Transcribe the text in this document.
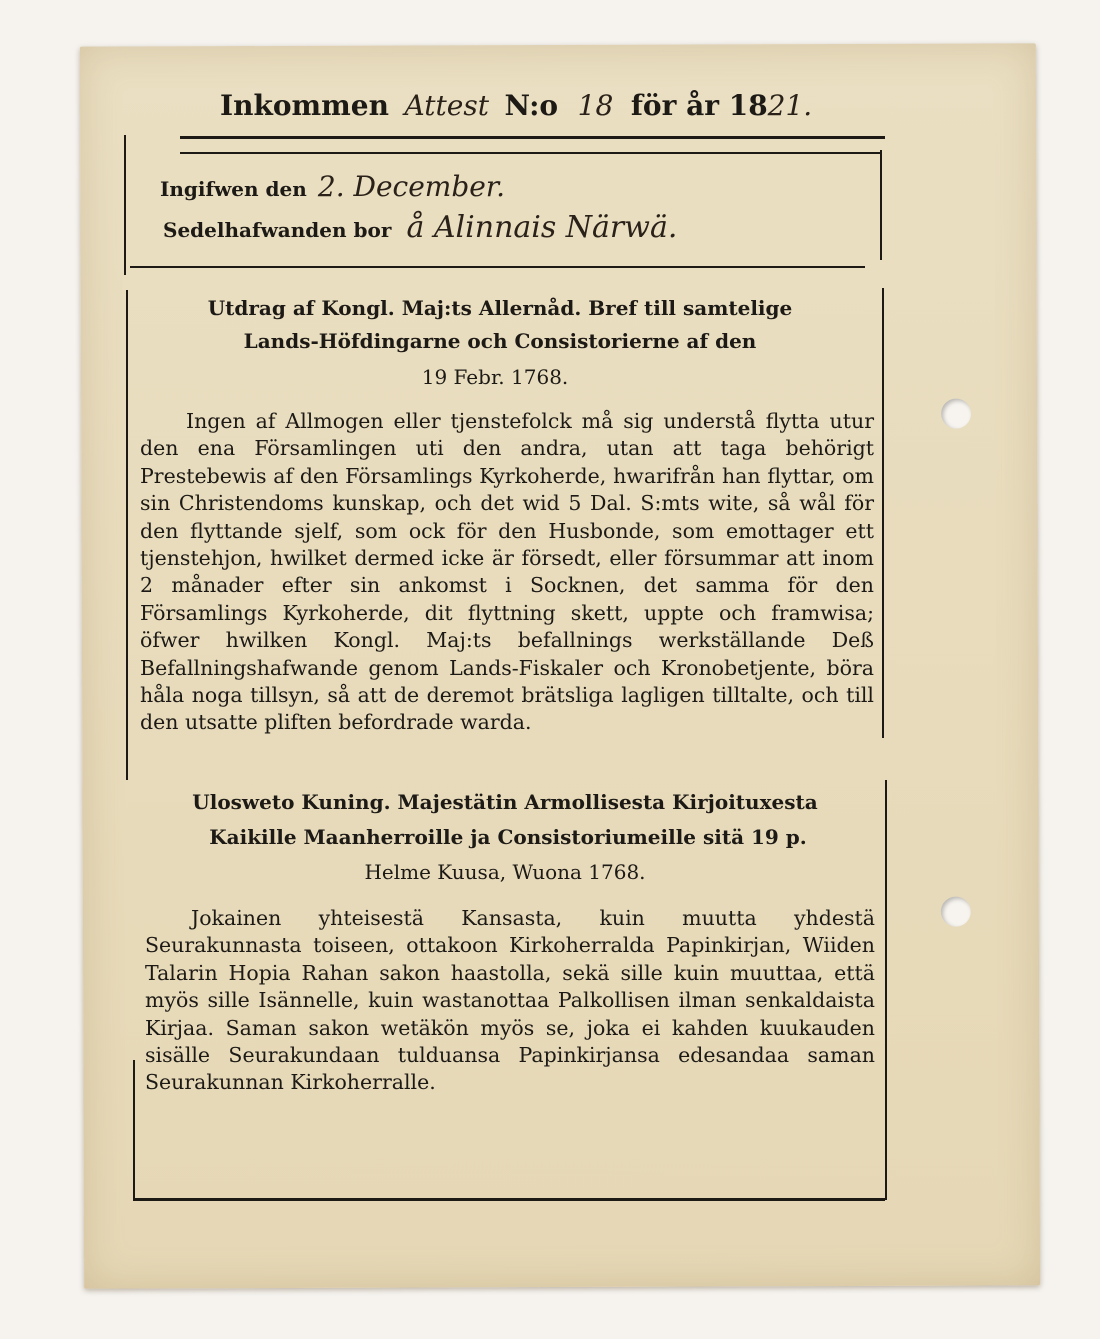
Inkommen Attest N:o 18 för år 1821.
Ingifwen den 2. December.
Sedelhafwanden bor å Alinnais Närwä.
Utdrag af Kongl. Maj:ts Allernåd. Bref till samtelige
Lands-Höfdingarne och Consistorierne af den
19 Febr. 1768.
Ingen af Allmogen eller tjenstefolck må sig understå flytta utur den ena Församlingen uti den andra, utan att taga behörigt Prestebewis af den Församlings Kyrkoherde, hwarifrån han flyttar, om sin Christendoms kunskap, och det wid 5 Dal. S:mts wite, så wål för den flyttande sjelf, som ock för den Husbonde, som emottager ett tjenstehjon, hwilket dermed icke är försedt, eller försummar att inom 2 månader efter sin ankomst i Socknen, det samma för den Församlings Kyrkoherde, dit flyttning skett, uppte och framwisa; öfwer hwilken Kongl. Maj:ts befallnings werkställande Deß Befallningshafwande genom Lands-Fiskaler och Kronobetjente, böra håla noga tillsyn, så att de deremot brätsliga lagligen tilltalte, och till den utsatte pliften befordrade warda.
Ulosweto Kuning. Majestätin Armollisesta Kirjoituxesta
Kaikille Maanherroille ja Consistoriumeille sitä 19 p.
Helme Kuusa, Wuona 1768.
Jokainen yhteisestä Kansasta, kuin muutta yhdestä Seurakunnasta toiseen, ottakoon Kirkoherralda Papinkirjan, Wiiden Talarin Hopia Rahan sakon haastolla, sekä sille kuin muuttaa, että myös sille Isännelle, kuin wastanottaa Palkollisen ilman senkaldaista Kirjaa. Saman sakon wetäkön myös se, joka ei kahden kuukauden sisälle Seurakundaan tulduansa Papinkirjansa edesandaa saman Seurakunnan Kirkoherralle.
